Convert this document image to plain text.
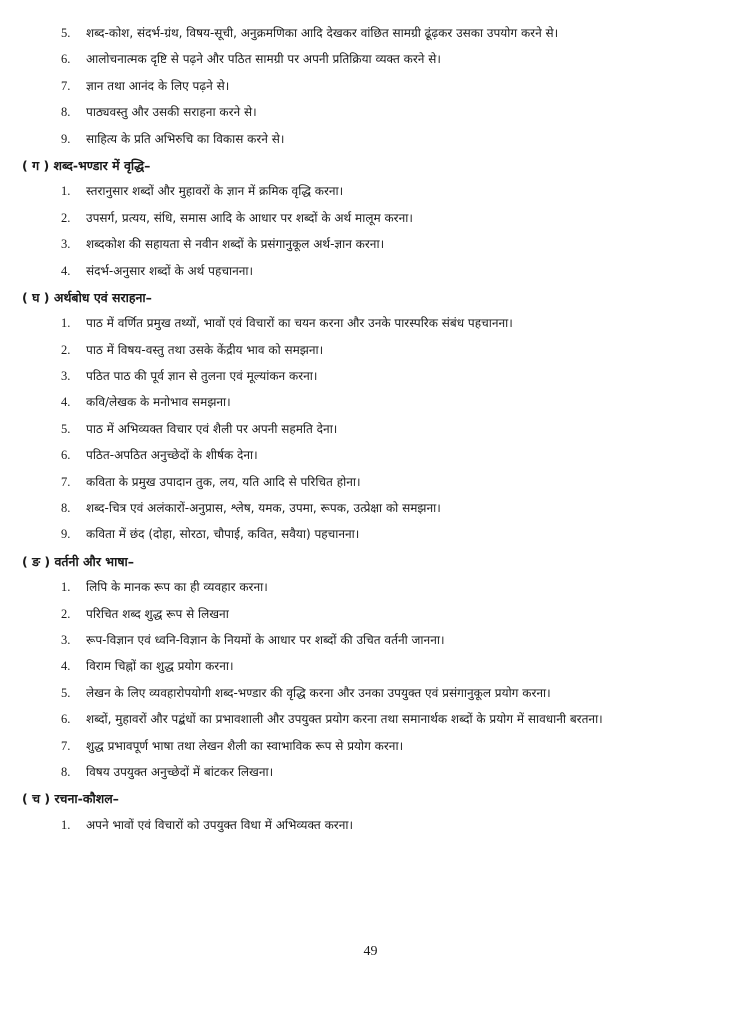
5. शब्द-कोश, संदर्भ-ग्रंथ, विषय-सूची, अनुक्रमणिका आदि देखकर वांछित सामग्री ढूंढ़कर उसका उपयोग करने से।
6. आलोचनात्मक दृष्टि से पढ़ने और पठित सामग्री पर अपनी प्रतिक्रिया व्यक्त करने से।
7. ज्ञान तथा आनंद के लिए पढ़ने से।
8. पाठ्यवस्तु और उसकी सराहना करने से।
9. साहित्य के प्रति अभिरुचि का विकास करने से।
( ग ) शब्द-भण्डार में वृद्धि–
1. स्तरानुसार शब्दों और मुहावरों के ज्ञान में क्रमिक वृद्धि करना।
2. उपसर्ग, प्रत्यय, संधि, समास आदि के आधार पर शब्दों के अर्थ मालूम करना।
3. शब्दकोश की सहायता से नवीन शब्दों के प्रसंगानुकूल अर्थ-ज्ञान करना।
4. संदर्भ-अनुसार शब्दों के अर्थ पहचानना।
( घ ) अर्थबोध एवं सराहना–
1. पाठ में वर्णित प्रमुख तथ्यों, भावों एवं विचारों का चयन करना और उनके पारस्परिक संबंध पहचानना।
2. पाठ में विषय-वस्तु तथा उसके केंद्रीय भाव को समझना।
3. पठित पाठ की पूर्व ज्ञान से तुलना एवं मूल्यांकन करना।
4. कवि/लेखक के मनोभाव समझना।
5. पाठ में अभिव्यक्त विचार एवं शैली पर अपनी सहमति देना।
6. पठित-अपठित अनुच्छेदों के शीर्षक देना।
7. कविता के प्रमुख उपादान तुक, लय, यति आदि से परिचित होना।
8. शब्द-चित्र एवं अलंकारों-अनुप्रास, श्लेष, यमक, उपमा, रूपक, उत्प्रेक्षा को समझना।
9. कविता में छंद (दोहा, सोरठा, चौपाई, कवित, सवैया) पहचानना।
( ङ ) वर्तनी और भाषा–
1. लिपि के मानक रूप का ही व्यवहार करना।
2. परिचित शब्द शुद्ध रूप से लिखना
3. रूप-विज्ञान एवं ध्वनि-विज्ञान के नियमों के आधार पर शब्दों की उचित वर्तनी जानना।
4. विराम चिह्नों का शुद्ध प्रयोग करना।
5. लेखन के लिए व्यवहारोपयोगी शब्द-भण्डार की वृद्धि करना और उनका उपयुक्त एवं प्रसंगानुकूल प्रयोग करना।
6. शब्दों, मुहावरों और पद्बंधों का प्रभावशाली और उपयुक्त प्रयोग करना तथा समानार्थक शब्दों के प्रयोग में सावधानी बरतना।
7. शुद्ध प्रभावपूर्ण भाषा तथा लेखन शैली का स्वाभाविक रूप से प्रयोग करना।
8. विषय उपयुक्त अनुच्छेदों में बांटकर लिखना।
( च ) रचना-कौशल–
1. अपने भावों एवं विचारों को उपयुक्त विधा में अभिव्यक्त करना।
49
